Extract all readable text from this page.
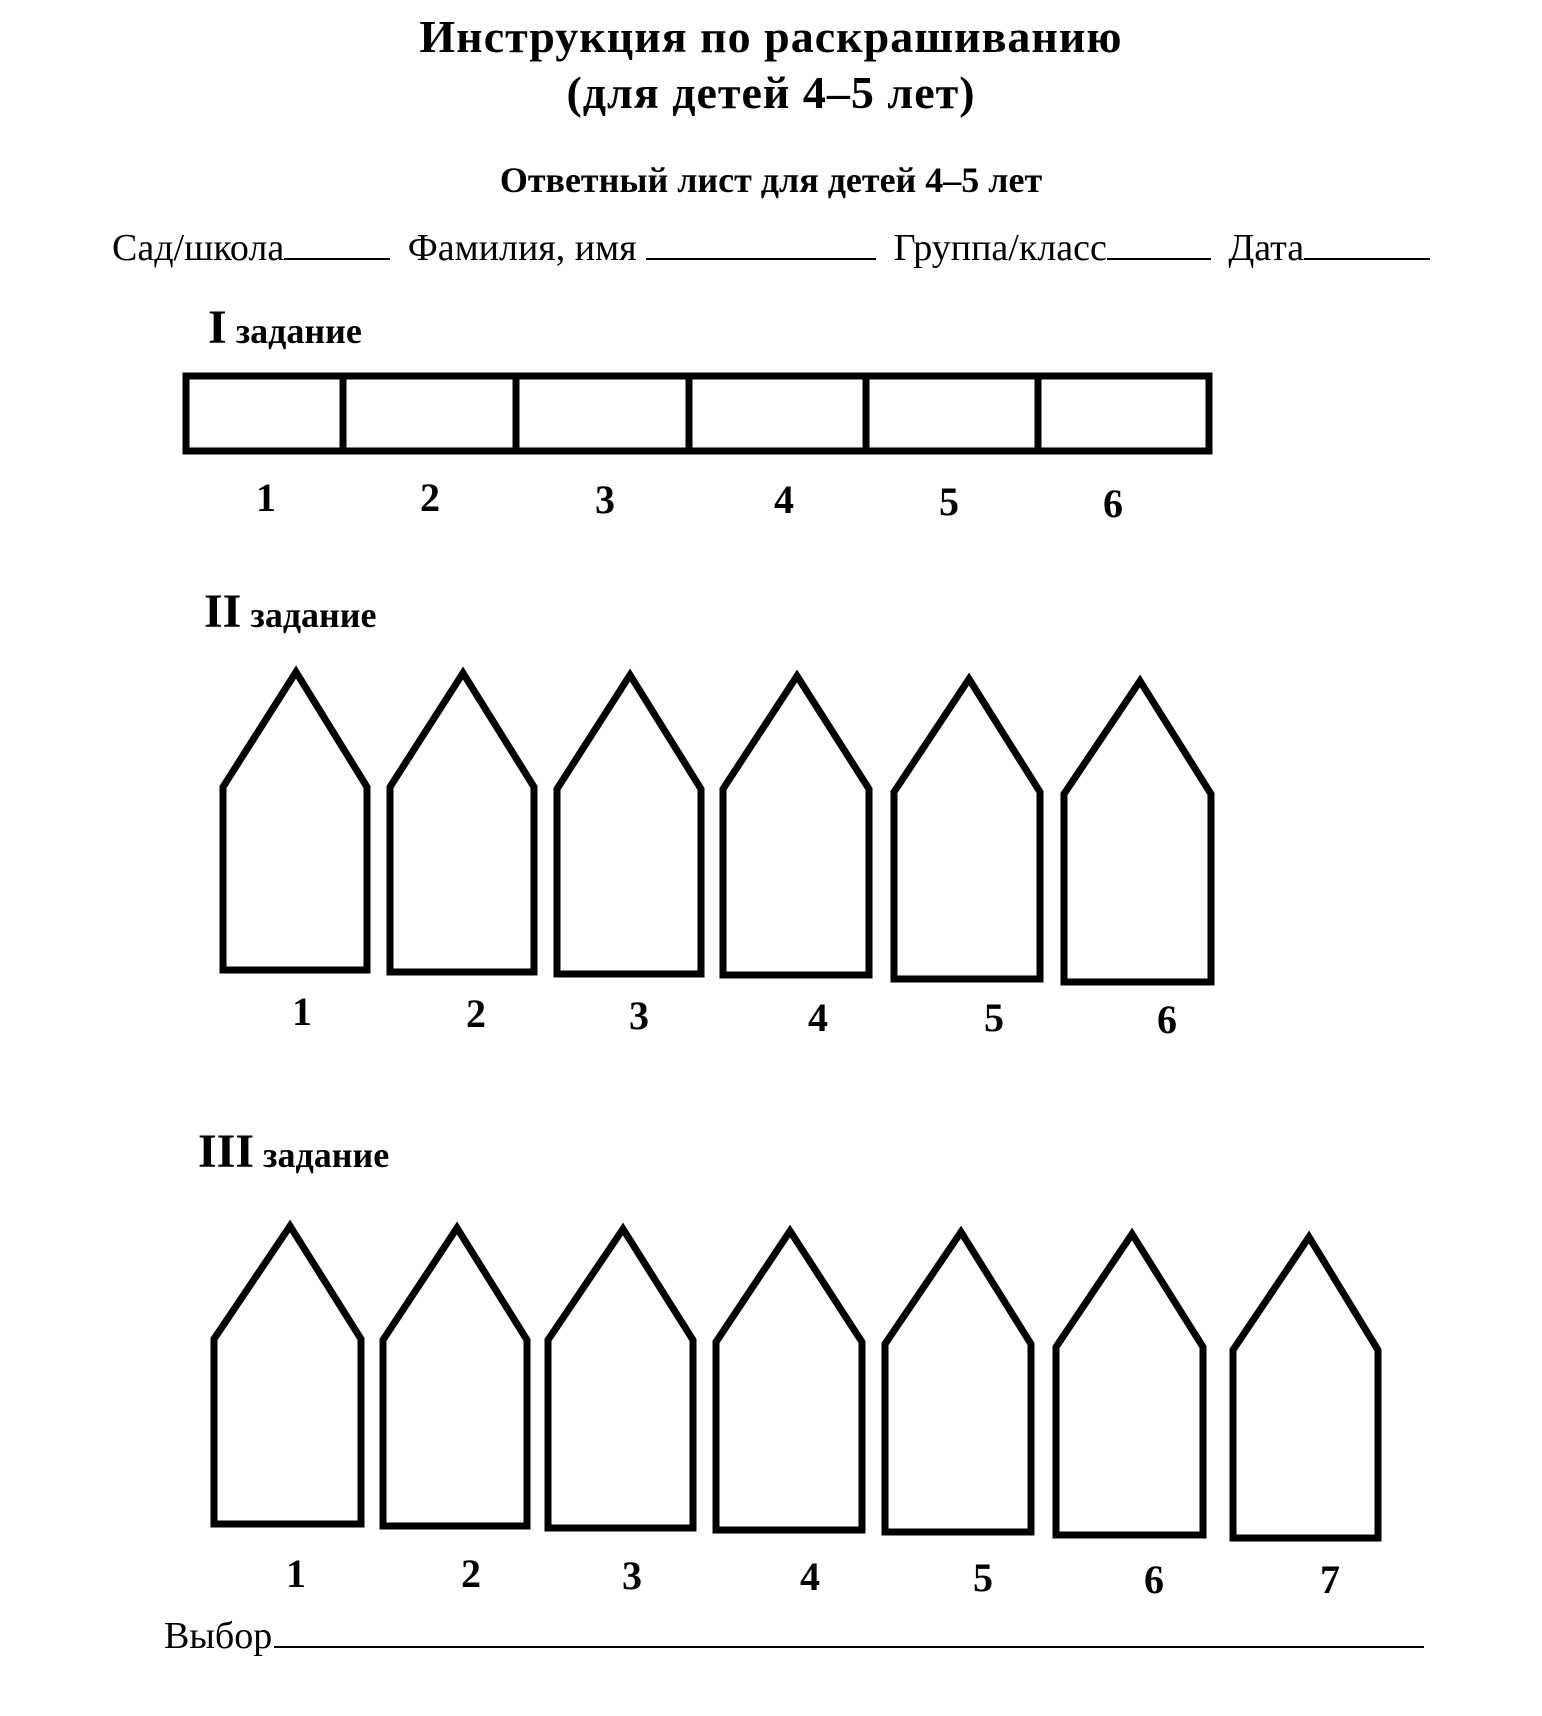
Инструкция по раскрашиванию
(для детей 4–5 лет)
Ответный лист для детей 4–5 лет
Сад/школа	Фамилия, имя	Группа/класс	Дата
I задание
1	2	3	4	5	6
II задание
1	2	3	4	5	6
III задание
1	2	3	4	5	6	7
Выбор
